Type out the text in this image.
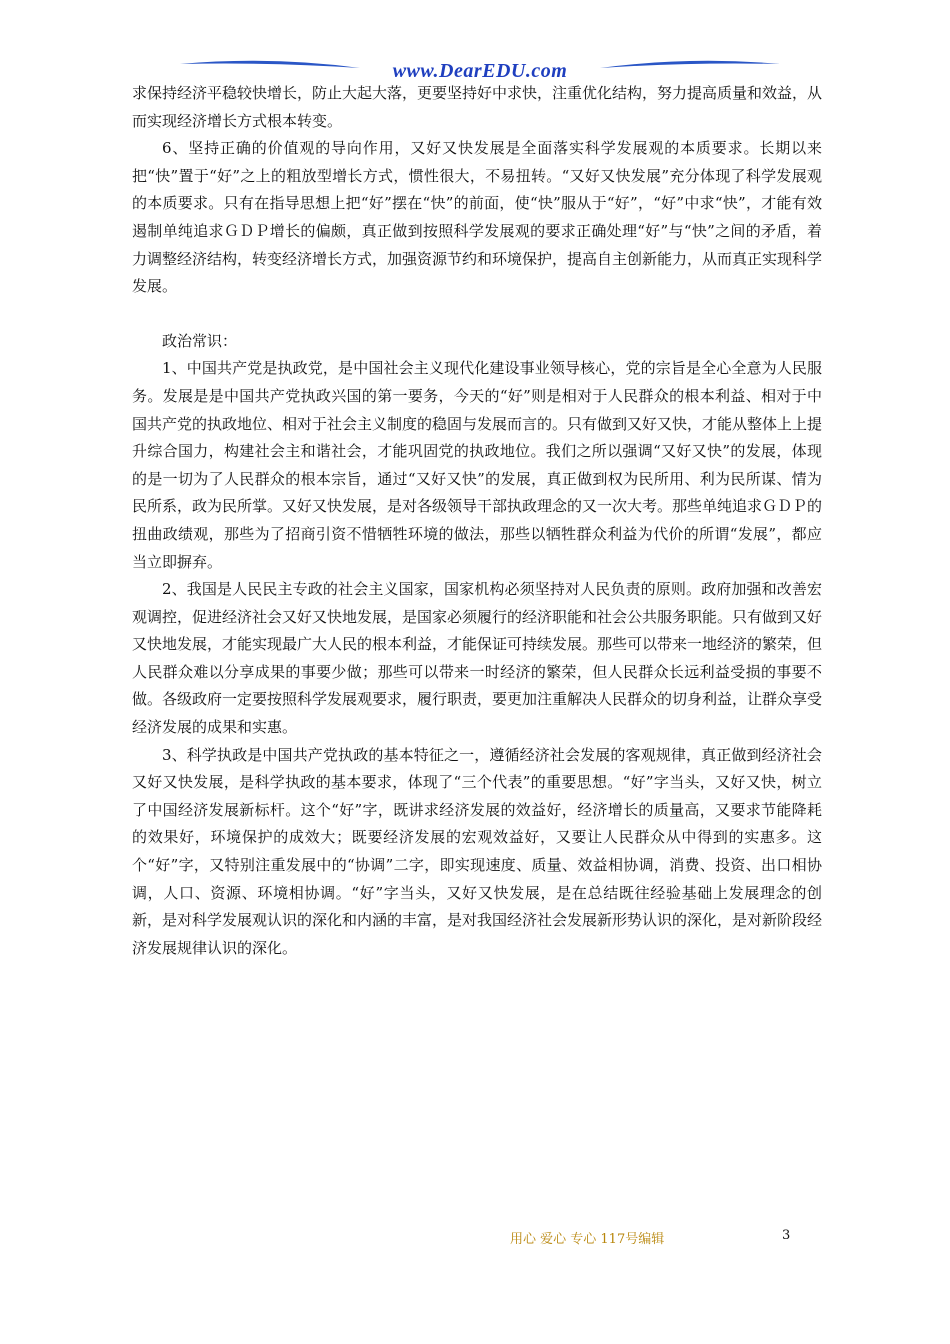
www.DearEDU.com

求保持经济平稳较快增长，防止大起大落，更要坚持好中求快，注重优化结构，努力提高质量和效益，从而实现经济增长方式根本转变。

6、坚持正确的价值观的导向作用，又好又快发展是全面落实科学发展观的本质要求。长期以来把“快”置于“好”之上的粗放型增长方式，惯性很大，不易扭转。“又好又快发展”充分体现了科学发展观的本质要求。只有在指导思想上把“好”摆在“快”的前面，使“快”服从于“好”，“好”中求“快”，才能有效遏制单纯追求ＧＤＰ增长的偏颇，真正做到按照科学发展观的要求正确处理“好”与“快”之间的矛盾，着力调整经济结构，转变经济增长方式，加强资源节约和环境保护，提高自主创新能力，从而真正实现科学发展。

政治常识：

1、中国共产党是执政党，是中国社会主义现代化建设事业领导核心，党的宗旨是全心全意为人民服务。发展是是中国共产党执政兴国的第一要务，今天的“好”则是相对于人民群众的根本利益、相对于中国共产党的执政地位、相对于社会主义制度的稳固与发展而言的。只有做到又好又快，才能从整体上上提升综合国力，构建社会主和谐社会，才能巩固党的执政地位。我们之所以强调“又好又快”的发展，体现的是一切为了人民群众的根本宗旨，通过“又好又快”的发展，真正做到权为民所用、利为民所谋、情为民所系，政为民所掌。又好又快发展，是对各级领导干部执政理念的又一次大考。那些单纯追求ＧＤＰ的扭曲政绩观，那些为了招商引资不惜牺牲环境的做法，那些以牺牲群众利益为代价的所谓“发展”，都应当立即摒弃。

2、我国是人民民主专政的社会主义国家，国家机构必须坚持对人民负责的原则。政府加强和改善宏观调控，促进经济社会又好又快地发展，是国家必须履行的经济职能和社会公共服务职能。只有做到又好又快地发展，才能实现最广大人民的根本利益，才能保证可持续发展。那些可以带来一地经济的繁荣，但人民群众难以分享成果的事要少做；那些可以带来一时经济的繁荣，但人民群众长远利益受损的事要不做。各级政府一定要按照科学发展观要求，履行职责，要更加注重解决人民群众的切身利益，让群众享受经济发展的成果和实惠。

3、科学执政是中国共产党执政的基本特征之一，遵循经济社会发展的客观规律，真正做到经济社会又好又快发展，是科学执政的基本要求，体现了“三个代表”的重要思想。“好”字当头，又好又快，树立了中国经济发展新标杆。这个“好”字，既讲求经济发展的效益好，经济增长的质量高，又要求节能降耗的效果好，环境保护的成效大；既要经济发展的宏观效益好，又要让人民群众从中得到的实惠多。这个“好”字，又特别注重发展中的“协调”二字，即实现速度、质量、效益相协调，消费、投资、出口相协调，人口、资源、环境相协调。“好”字当头，又好又快发展，是在总结既往经验基础上发展理念的创新，是对科学发展观认识的深化和内涵的丰富，是对我国经济社会发展新形势认识的深化，是对新阶段经济发展规律认识的深化。

用心 爱心 专心 117号编辑	3
